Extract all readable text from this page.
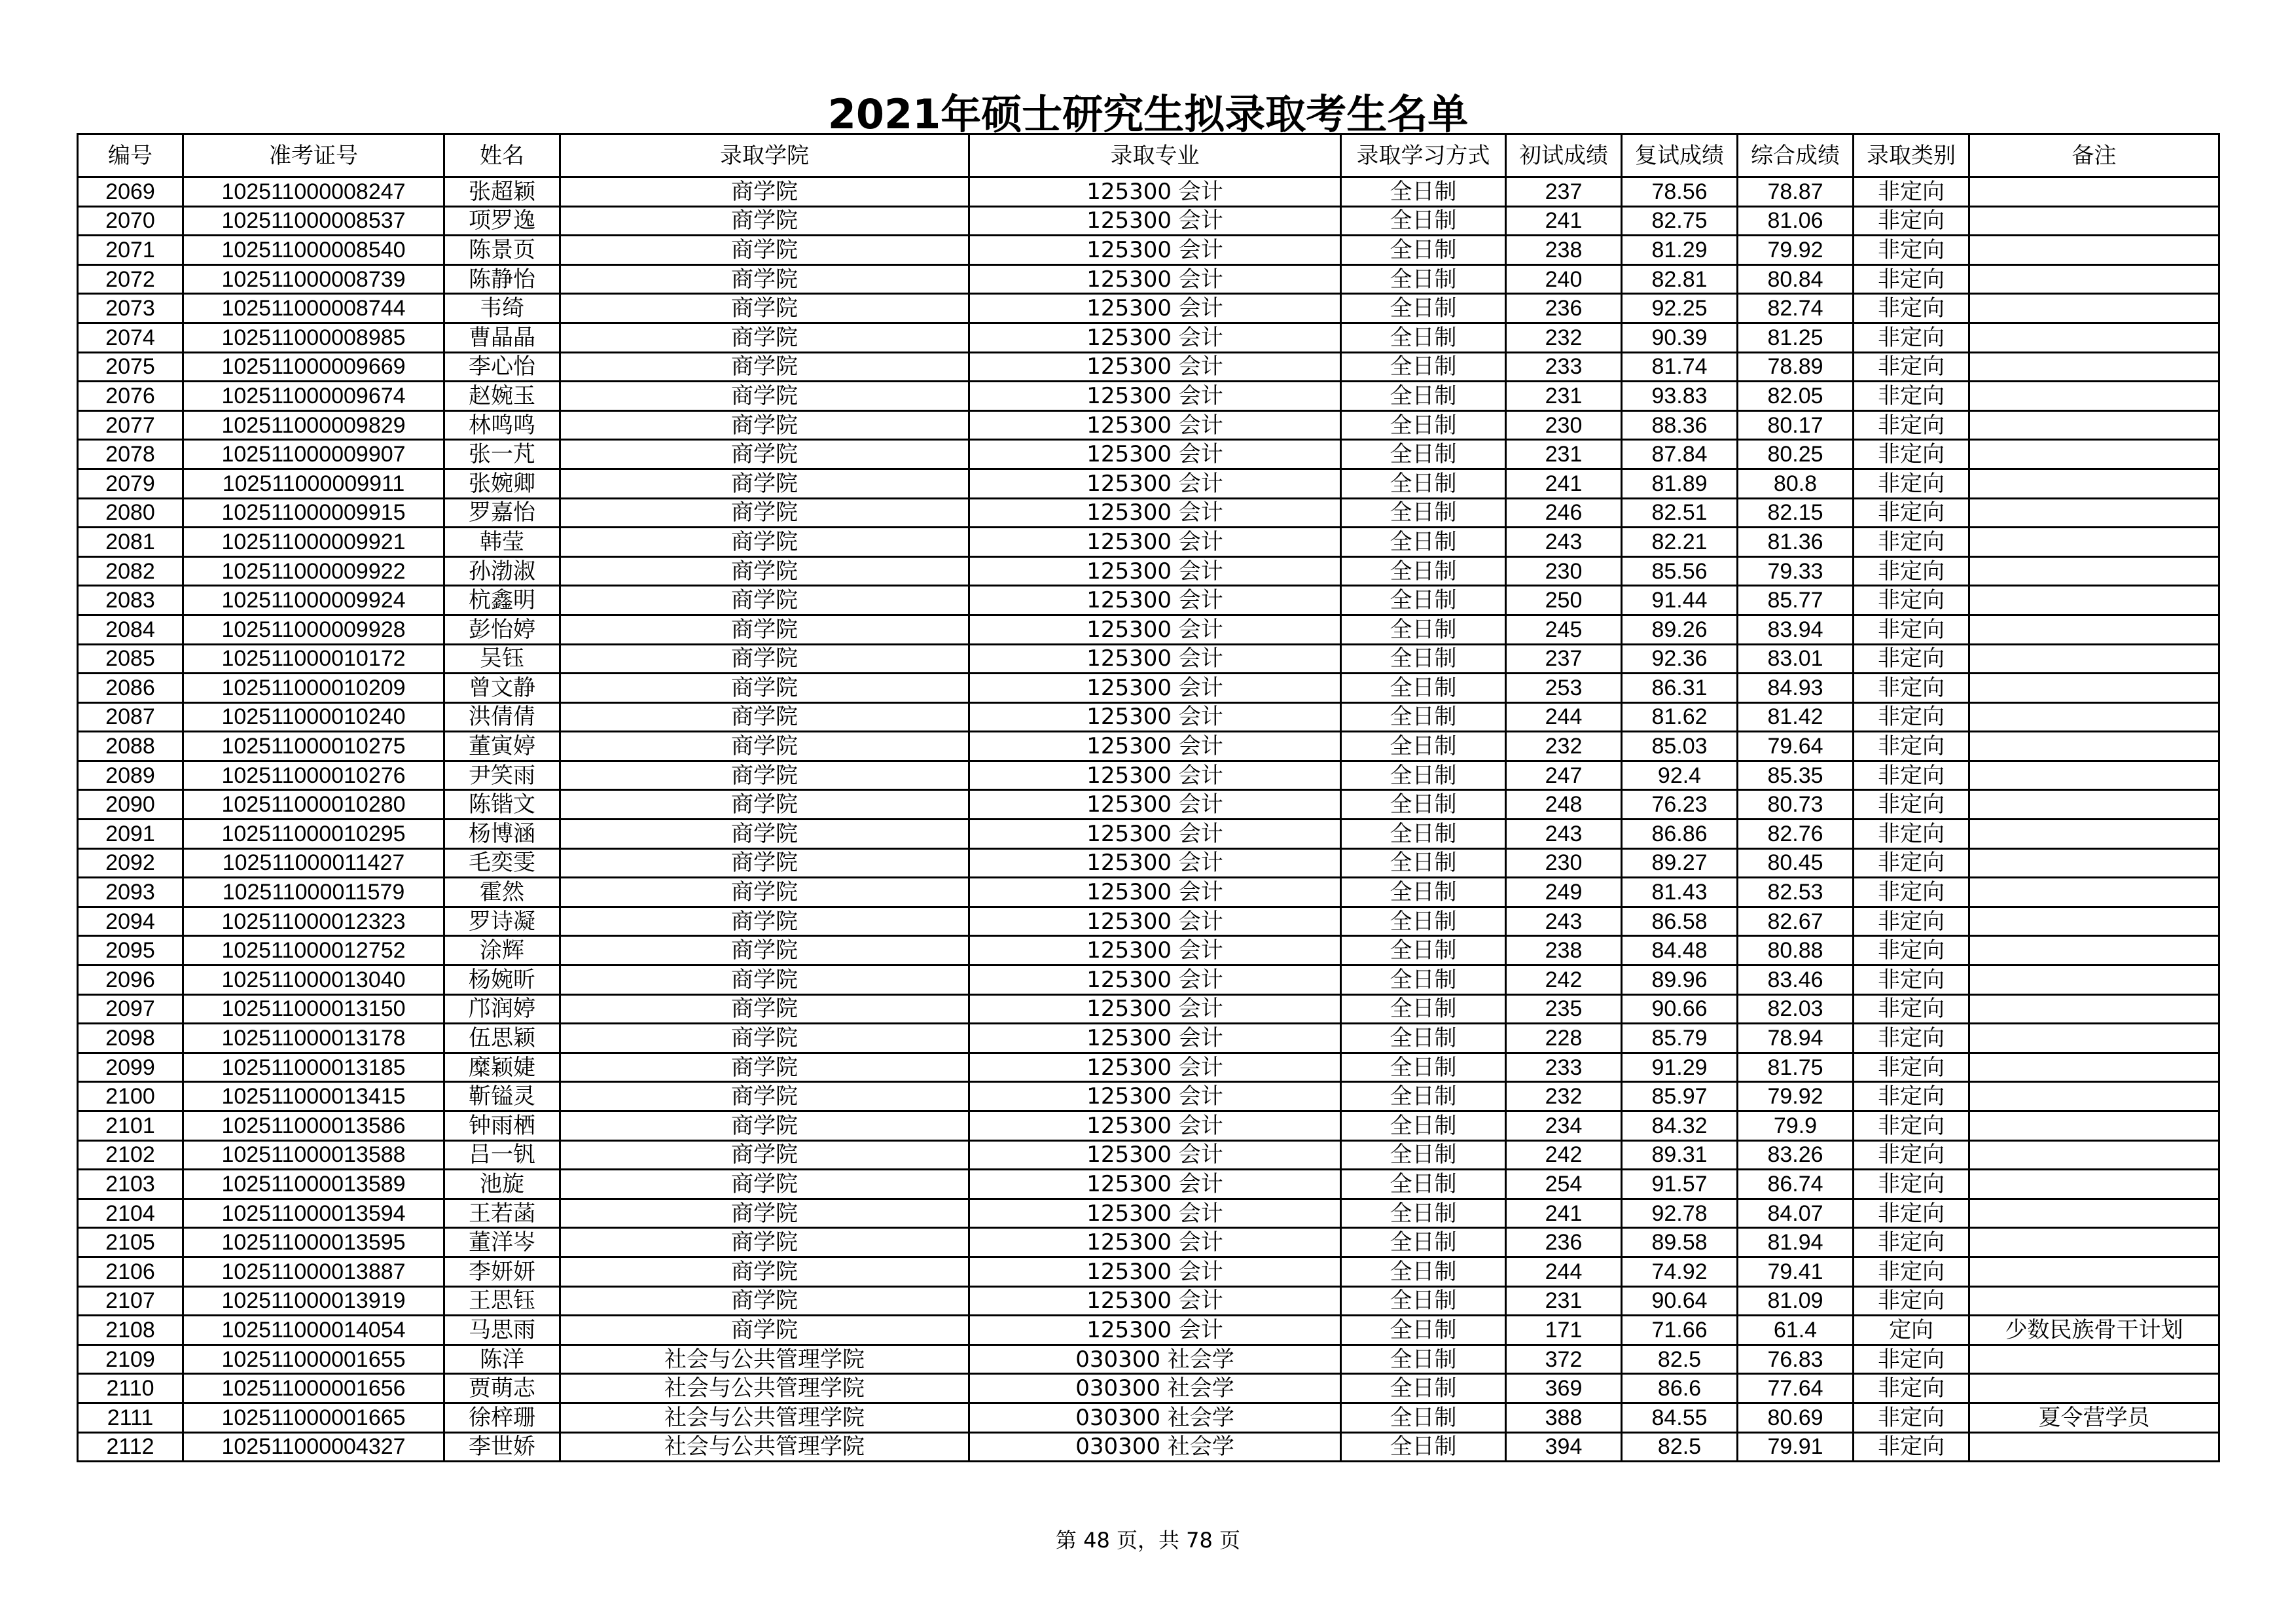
2021年硕士研究生拟录取考生名单
编号	准考证号	姓名	录取学院	录取专业	录取学习方式	初试成绩	复试成绩	综合成绩	录取类别	备注
2069	102511000008247	张超颖	商学院	125300 会计	全日制	237	78.56	78.87	非定向	
2070	102511000008537	项罗逸	商学院	125300 会计	全日制	241	82.75	81.06	非定向	
2071	102511000008540	陈景页	商学院	125300 会计	全日制	238	81.29	79.92	非定向	
2072	102511000008739	陈静怡	商学院	125300 会计	全日制	240	82.81	80.84	非定向	
2073	102511000008744	韦绮	商学院	125300 会计	全日制	236	92.25	82.74	非定向	
2074	102511000008985	曹晶晶	商学院	125300 会计	全日制	232	90.39	81.25	非定向	
2075	102511000009669	李心怡	商学院	125300 会计	全日制	233	81.74	78.89	非定向	
2076	102511000009674	赵婉玉	商学院	125300 会计	全日制	231	93.83	82.05	非定向	
2077	102511000009829	林鸣鸣	商学院	125300 会计	全日制	230	88.36	80.17	非定向	
2078	102511000009907	张一芃	商学院	125300 会计	全日制	231	87.84	80.25	非定向	
2079	102511000009911	张婉卿	商学院	125300 会计	全日制	241	81.89	80.8	非定向	
2080	102511000009915	罗嘉怡	商学院	125300 会计	全日制	246	82.51	82.15	非定向	
2081	102511000009921	韩莹	商学院	125300 会计	全日制	243	82.21	81.36	非定向	
2082	102511000009922	孙渤淑	商学院	125300 会计	全日制	230	85.56	79.33	非定向	
2083	102511000009924	杭鑫明	商学院	125300 会计	全日制	250	91.44	85.77	非定向	
2084	102511000009928	彭怡婷	商学院	125300 会计	全日制	245	89.26	83.94	非定向	
2085	102511000010172	吴钰	商学院	125300 会计	全日制	237	92.36	83.01	非定向	
2086	102511000010209	曾文静	商学院	125300 会计	全日制	253	86.31	84.93	非定向	
2087	102511000010240	洪倩倩	商学院	125300 会计	全日制	244	81.62	81.42	非定向	
2088	102511000010275	董寅婷	商学院	125300 会计	全日制	232	85.03	79.64	非定向	
2089	102511000010276	尹笑雨	商学院	125300 会计	全日制	247	92.4	85.35	非定向	
2090	102511000010280	陈锴文	商学院	125300 会计	全日制	248	76.23	80.73	非定向	
2091	102511000010295	杨博涵	商学院	125300 会计	全日制	243	86.86	82.76	非定向	
2092	102511000011427	毛奕雯	商学院	125300 会计	全日制	230	89.27	80.45	非定向	
2093	102511000011579	霍然	商学院	125300 会计	全日制	249	81.43	82.53	非定向	
2094	102511000012323	罗诗凝	商学院	125300 会计	全日制	243	86.58	82.67	非定向	
2095	102511000012752	涂辉	商学院	125300 会计	全日制	238	84.48	80.88	非定向	
2096	102511000013040	杨婉昕	商学院	125300 会计	全日制	242	89.96	83.46	非定向	
2097	102511000013150	邝润婷	商学院	125300 会计	全日制	235	90.66	82.03	非定向	
2098	102511000013178	伍思颖	商学院	125300 会计	全日制	228	85.79	78.94	非定向	
2099	102511000013185	糜颖婕	商学院	125300 会计	全日制	233	91.29	81.75	非定向	
2100	102511000013415	靳镒灵	商学院	125300 会计	全日制	232	85.97	79.92	非定向	
2101	102511000013586	钟雨栖	商学院	125300 会计	全日制	234	84.32	79.9	非定向	
2102	102511000013588	吕一钒	商学院	125300 会计	全日制	242	89.31	83.26	非定向	
2103	102511000013589	池旋	商学院	125300 会计	全日制	254	91.57	86.74	非定向	
2104	102511000013594	王若菡	商学院	125300 会计	全日制	241	92.78	84.07	非定向	
2105	102511000013595	董洋岑	商学院	125300 会计	全日制	236	89.58	81.94	非定向	
2106	102511000013887	李妍妍	商学院	125300 会计	全日制	244	74.92	79.41	非定向	
2107	102511000013919	王思钰	商学院	125300 会计	全日制	231	90.64	81.09	非定向	
2108	102511000014054	马思雨	商学院	125300 会计	全日制	171	71.66	61.4	定向	少数民族骨干计划
2109	102511000001655	陈洋	社会与公共管理学院	030300 社会学	全日制	372	82.5	76.83	非定向	
2110	102511000001656	贾萌志	社会与公共管理学院	030300 社会学	全日制	369	86.6	77.64	非定向	
2111	102511000001665	徐梓珊	社会与公共管理学院	030300 社会学	全日制	388	84.55	80.69	非定向	夏令营学员
2112	102511000004327	李世娇	社会与公共管理学院	030300 社会学	全日制	394	82.5	79.91	非定向	
第 48 页，共 78 页
